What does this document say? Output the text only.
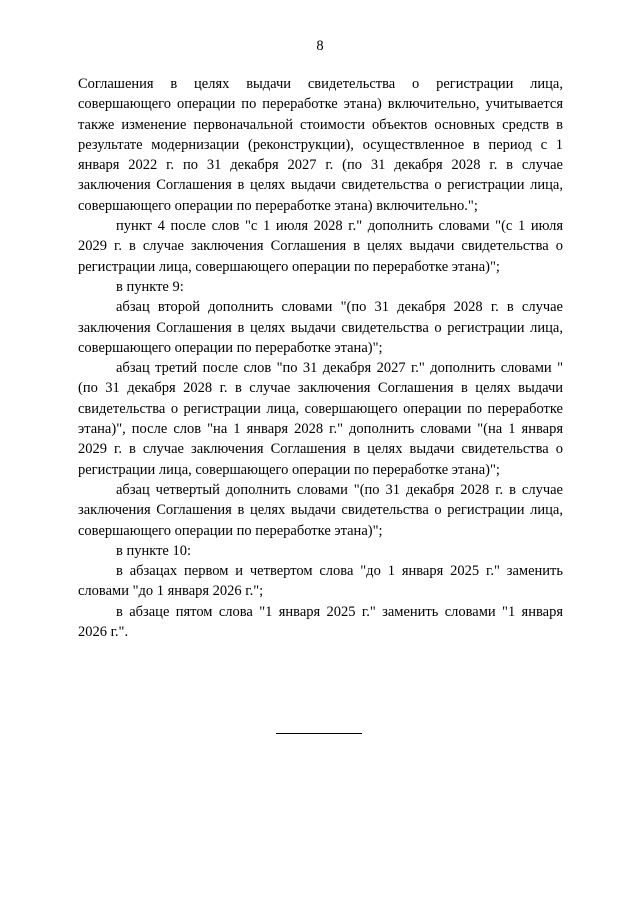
8

Соглашения в целях выдачи свидетельства о регистрации лица, совершающего операции по переработке этана) включительно, учитывается также изменение первоначальной стоимости объектов основных средств в результате модернизации (реконструкции), осуществленное в период с 1 января 2022 г. по 31 декабря 2027 г. (по 31 декабря 2028 г. в случае заключения Соглашения в целях выдачи свидетельства о регистрации лица, совершающего операции по переработке этана) включительно.";

пункт 4 после слов "с 1 июля 2028 г." дополнить словами "(с 1 июля 2029 г. в случае заключения Соглашения в целях выдачи свидетельства о регистрации лица, совершающего операции по переработке этана)";

в пункте 9:

абзац второй дополнить словами "(по 31 декабря 2028 г. в случае заключения Соглашения в целях выдачи свидетельства о регистрации лица, совершающего операции по переработке этана)";

абзац третий после слов "по 31 декабря 2027 г." дополнить словами "(по 31 декабря 2028 г. в случае заключения Соглашения в целях выдачи свидетельства о регистрации лица, совершающего операции по переработке этана)", после слов "на 1 января 2028 г." дополнить словами "(на 1 января 2029 г. в случае заключения Соглашения в целях выдачи свидетельства о регистрации лица, совершающего операции по переработке этана)";

абзац четвертый дополнить словами "(по 31 декабря 2028 г. в случае заключения Соглашения в целях выдачи свидетельства о регистрации лица, совершающего операции по переработке этана)";

в пункте 10:

в абзацах первом и четвертом слова "до 1 января 2025 г." заменить словами "до 1 января 2026 г.";

в абзаце пятом слова "1 января 2025 г." заменить словами "1 января 2026 г.".
